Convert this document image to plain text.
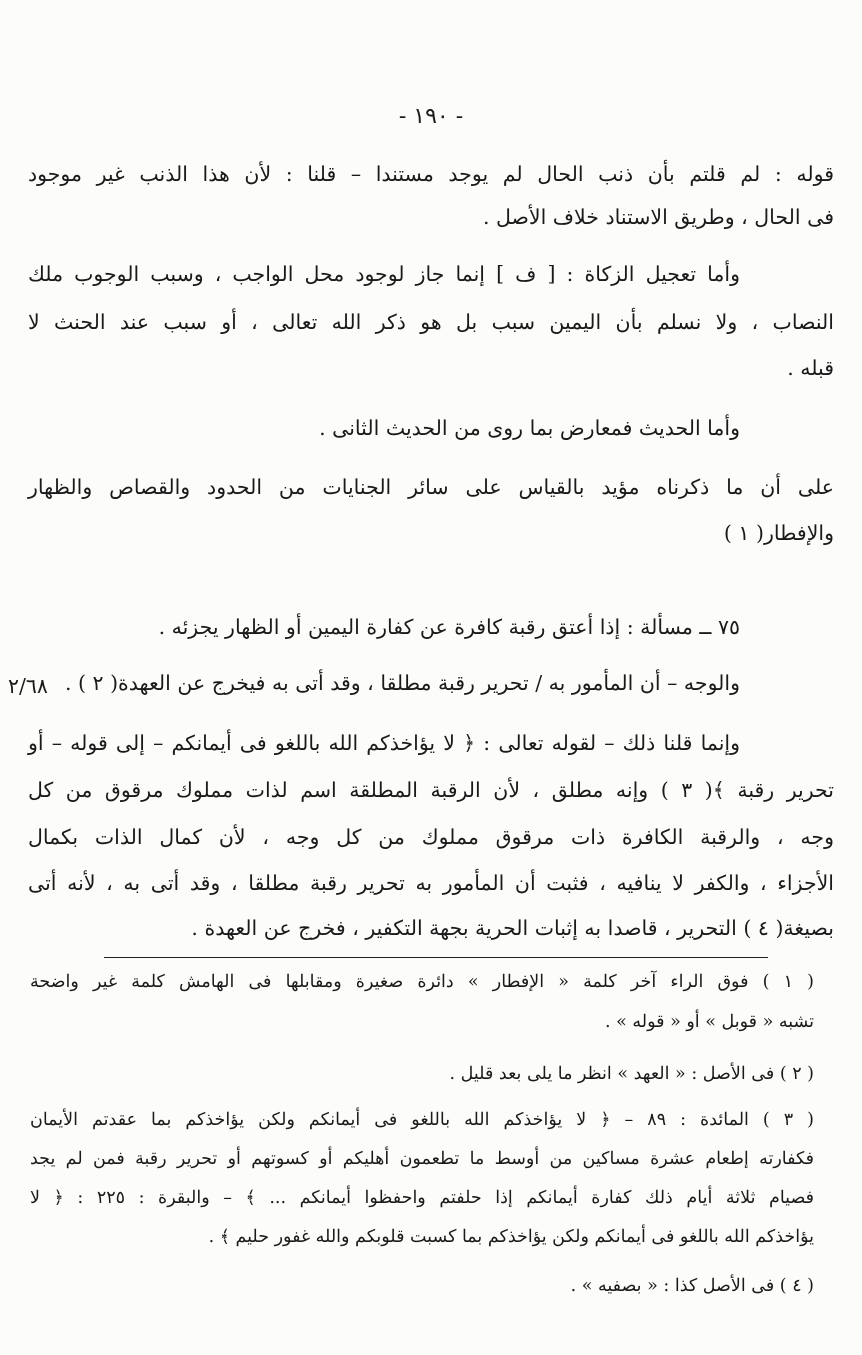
- ١٩٠ -
٢/٦٨
قوله : لم قلتم بأن ذنب الحال لم يوجد مستندا – قلنا : لأن هذا الذنب غير موجود
فى الحال ، وطريق الاستناد خلاف الأصل .
وأما تعجيل الزكاة : [ ف ] إنما جاز لوجود محل الواجب ، وسبب الوجوب ملك
النصاب ، ولا نسلم بأن اليمين سبب بل هو ذكر الله تعالى ، أو سبب عند الحنث لا
قبله .
وأما الحديث فمعارض بما روى من الحديث الثانى .
على أن ما ذكرناه مؤيد بالقياس على سائر الجنايات من الحدود والقصاص والظهار
والإفطار( ١ )
٧٥ ــ مسألة : إذا أعتق رقبة كافرة عن كفارة اليمين أو الظهار يجزئه .
والوجه – أن المأمور به / تحرير رقبة مطلقا ، وقد أتى به فيخرج عن العهدة( ٢ ) .
وإنما قلنا ذلك – لقوله تعالى : ﴿ لا يؤاخذكم الله باللغو فى أيمانكم – إلى قوله – أو
تحرير رقبة ﴾( ٣ ) وإنه مطلق ، لأن الرقبة المطلقة اسم لذات مملوك مرقوق من كل
وجه ، والرقبة الكافرة ذات مرقوق مملوك من كل وجه ، لأن كمال الذات بكمال
الأجزاء ، والكفر لا ينافيه ، فثبت أن المأمور به تحرير رقبة مطلقا ، وقد أتى به ، لأنه أتى
بصيغة( ٤ ) التحرير ، قاصدا به إثبات الحرية بجهة التكفير ، فخرج عن العهدة .
( ١ ) فوق الراء آخر كلمة « الإفطار » دائرة صغيرة ومقابلها فى الهامش كلمة غير واضحة
تشبه « قوبل » أو « قوله » .
( ٢ ) فى الأصل : « العهد » انظر ما يلى بعد قليل .
( ٣ ) المائدة : ٨٩ – ﴿ لا يؤاخذكم الله باللغو فى أيمانكم ولكن يؤاخذكم بما عقدتم الأيمان
فكفارته إطعام عشرة مساكين من أوسط ما تطعمون أهليكم أو كسوتهم أو تحرير رقبة فمن لم يجد
فصيام ثلاثة أيام ذلك كفارة أيمانكم إذا حلفتم واحفظوا أيمانكم ... ﴾ – والبقرة : ٢٢٥ : ﴿ لا
يؤاخذكم الله باللغو فى أيمانكم ولكن يؤاخذكم بما كسبت قلوبكم والله غفور حليم ﴾ .
( ٤ ) فى الأصل كذا : « بصفيه » .
